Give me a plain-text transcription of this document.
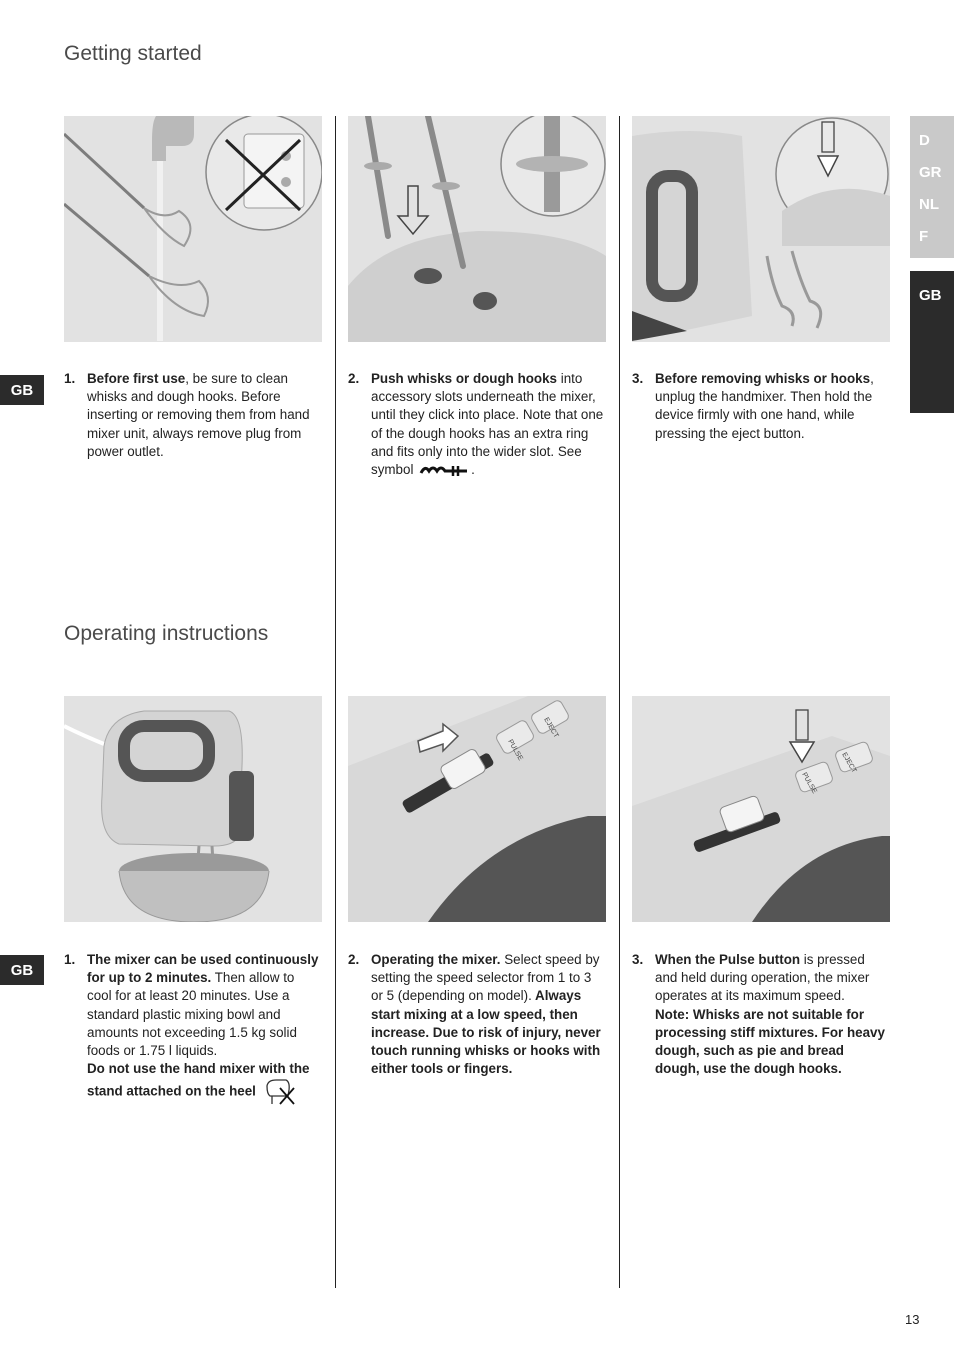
Getting started
Operating instructions
GB
GB
D
GR
NL
F
GB
1. Before first use, be sure to clean whisks and dough hooks. Before inserting or removing them from hand mixer unit, always remove plug from power outlet.
2. Push whisks or dough hooks into accessory slots underneath the mixer, until they click into place. Note that one of the dough hooks has an extra ring and fits only into the wider slot. See symbol	.
3. Before removing whisks or hooks, unplug the handmixer. Then hold the device firmly with one hand, while pressing the eject button.
PULSE
EJECT
PULSE
EJECT
1. The mixer can be used continuously for up to 2 minutes. Then allow to cool for at least 20 minutes. Use a standard plastic mixing bowl and amounts not exceeding 1.5 kg solid foods or 1.75 l liquids.
Do not use the hand mixer with the stand attached on the heel
2. Operating the mixer. Select speed by setting the speed selector from 1 to 3 or 5 (depending on model). Always start mixing at a low speed, then increase. Due to risk of injury, never touch running whisks or hooks with either tools or fingers.
3. When the Pulse button is pressed and held during operation, the mixer operates at its maximum speed.
Note: Whisks are not suitable for processing stiff mixtures. For heavy dough, such as pie and bread dough, use the dough hooks.
13
